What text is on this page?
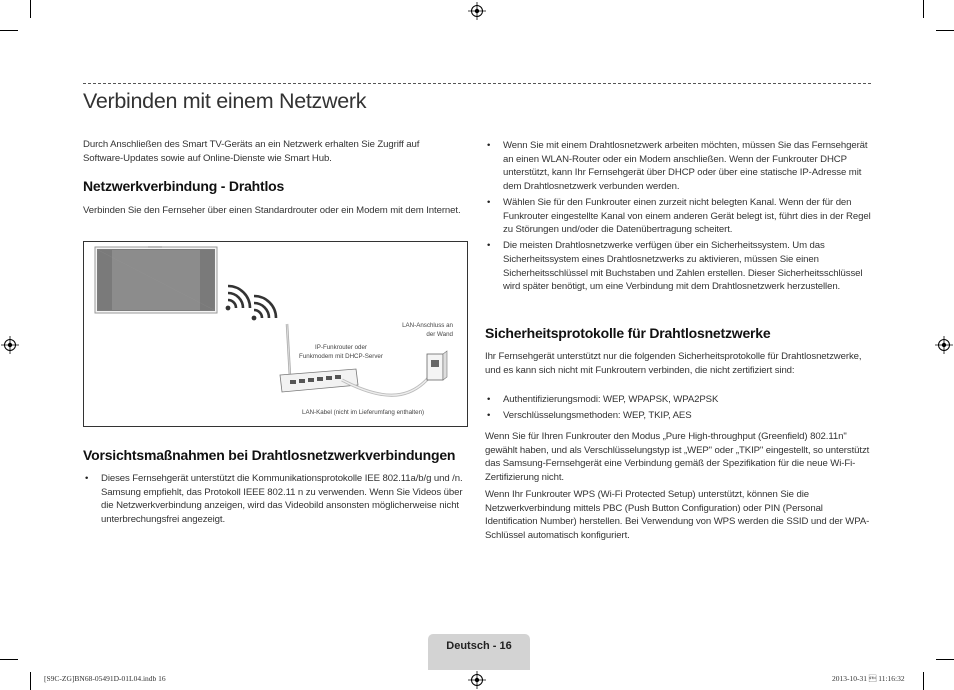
Verbinden mit einem Netzwerk

Durch Anschließen des Smart TV-Geräts an ein Netzwerk erhalten Sie Zugriff auf Software-Updates sowie auf Online-Dienste wie Smart Hub.

Netzwerkverbindung - Drahtlos

Verbinden Sie den Fernseher über einen Standardrouter oder ein Modem mit dem Internet.

IP-Funkrouter oder
Funkmodem mit DHCP-Server
LAN-Anschluss an
der Wand
LAN-Kabel (nicht im Lieferumfang enthalten)
Vorsichtsmaßnahmen bei Drahtlosnetzwerkverbindungen
• Dieses Fernsehgerät unterstützt die Kommunikationsprotokolle IEE 802.11a/b/g und /n. Samsung empfiehlt, das Protokoll IEEE 802.11 n zu verwenden. Wenn Sie Videos über die Netzwerkverbindung anzeigen, wird das Videobild ansonsten möglicherweise nicht unterbrechungsfrei angezeigt.
• Wenn Sie mit einem Drahtlosnetzwerk arbeiten möchten, müssen Sie das Fernsehgerät an einen WLAN-Router oder ein Modem anschließen. Wenn der Funkrouter DHCP unterstützt, kann Ihr Fernsehgerät über DHCP oder über eine statische IP-Adresse mit dem Drahtlosnetzwerk verbunden werden.
• Wählen Sie für den Funkrouter einen zurzeit nicht belegten Kanal. Wenn der für den Funkrouter eingestellte Kanal von einem anderen Gerät belegt ist, führt dies in der Regel zu Störungen und/oder die Datenübertragung scheitert.
• Die meisten Drahtlosnetzwerke verfügen über ein Sicherheitssystem. Um das Sicherheitssystem eines Drahtlosnetzwerks zu aktivieren, müssen Sie einen Sicherheitsschlüssel mit Buchstaben und Zahlen erstellen. Dieser Sicherheitsschlüssel wird später benötigt, um eine Verbindung mit dem Drahtlosnetzwerk herzustellen.
Sicherheitsprotokolle für Drahtlosnetzwerke

Ihr Fernsehgerät unterstützt nur die folgenden Sicherheitsprotokolle für Drahtlosnetzwerke, und es kann sich nicht mit Funkroutern verbinden, die nicht zertifiziert sind:

• Authentifizierungsmodi: WEP, WPAPSK, WPA2PSK
• Verschlüsselungsmethoden: WEP, TKIP, AES

Wenn Sie für Ihren Funkrouter den Modus „Pure High-throughput (Greenfield) 802.11n" gewählt haben, und als Verschlüsselungstyp ist „WEP" oder „TKIP" eingestellt, so unterstützt das Samsung-Fernsehgerät eine Verbindung gemäß der Spezifikation für die neue Wi-Fi-Zertifizierung nicht.

Wenn Ihr Funkrouter WPS (Wi-Fi Protected Setup) unterstützt, können Sie die Netzwerkverbindung mittels PBC (Push Button Configuration) oder PIN (Personal Identification Number) herstellen. Bei Verwendung von WPS werden die SSID und der WPA-Schlüssel automatisch konfiguriert.

Deutsch - 16
[S9C-ZG]BN68-05491D-01L04.indb 16	2013-10-31  11:16:32
